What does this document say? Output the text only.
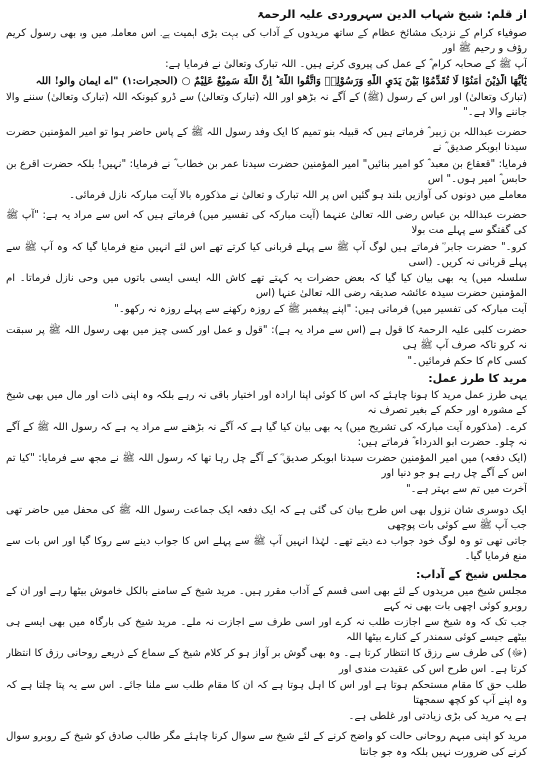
از قلم: شیخ شہاب الدین سہروردی علیہ الرحمۃ
صوفیاء کرام کے نزدیک مشائخ عظام کے ساتھ مریدوں کے آداب کی بہت بڑی اہمیت ہے۔ اس معاملہ میں وہ بھی رسول کریم رؤف و رحیم ﷺ اور
آپ ﷺ کے صحابہ کرام ؓ کے عمل کی پیروی کرتے ہیں۔ اللہ تبارک وتعالیٰ نے فرمایا ہے:
يٰٓاَيُّهَا الَّذِيْنَ اٰمَنُوْا لَا تُقَدِّمُوْا بَيْنَ يَدَيِ اللّٰهِ وَرَسُوْلِهٖ وَاتَّقُوا اللّٰهَ ؕ اِنَّ اللّٰهَ سَمِيْعٌ عَلِيْمٌ ○ (الحجرات:۱) "اے ایمان والو! اللہ
(تبارک وتعالیٰ) اور اس کے رسول (ﷺ) کے آگے نہ بڑھو اور اللہ (تبارک وتعالیٰ) سے ڈرو کیونکہ اللہ (تبارک وتعالیٰ) سننے والا جاننے والا ہے۔"
حضرت عبداللہ بن زبیر ؓ فرماتے ہیں کہ قبیلہ بنو تمیم کا ایک وفد رسول اللہ ﷺ کے پاس حاضر ہوا تو امیر المؤمنین حضرت سیدنا ابوبکر صدیق ؓ نے
فرمایا: "قعقاع بن معبد ؓ کو امیر بنائیں" امیر المؤمنین حضرت سیدنا عمر بن خطاب ؓ نے فرمایا: "نہیں! بلکہ حضرت اقرع بن حابس ؓ امیر ہوں۔" اس
معاملے میں دونوں کی آوازیں بلند ہو گئیں اس پر اللہ تبارک و تعالیٰ نے مذکورہ بالا آیت مبارکہ نازل فرمائی۔
حضرت عبداللہ بن عباس رضی اللہ تعالیٰ عنہما (آیت مبارکہ کی تفسیر میں) فرماتے ہیں کہ اس سے مراد یہ ہے: "آپ ﷺ کی گفتگو سے پہلے مت بولا
کرو۔" حضرت جابر ؓ فرماتے ہیں لوگ آپ ﷺ سے پہلے قربانی کیا کرتے تھے اس لئے انہیں منع فرمایا گیا کہ وہ آپ ﷺ سے پہلے قربانی نہ کریں۔ (اسی
سلسلہ میں) یہ بھی بیان کیا گیا کہ بعض حضرات یہ کہتے تھے کاش اللہ ایسی ایسی باتوں میں وحی نازل فرماتا۔ ام المؤمنین حضرت سیدہ عائشہ صدیقہ رضی اللہ تعالیٰ عنہا (اس
آیت مبارکہ کی تفسیر میں) فرماتی ہیں: "اپنے پیغمبر ﷺ کے روزہ رکھنے سے پہلے روزہ نہ رکھو۔"
حضرت کلبی علیہ الرحمۃ کا قول ہے (اس سے مراد یہ ہے): "قول و عمل اور کسی چیز میں بھی رسول اللہ ﷺ پر سبقت نہ کرو تاکہ صرف آپ ﷺ ہی
کسی کام کا حکم فرمائیں۔"
مرید کا طرز عمل:
یہی طرز عمل مرید کا ہونا چاہئے کہ اس کا کوئی اپنا ارادہ اور اختیار باقی نہ رہے بلکہ وہ اپنی ذات اور مال میں بھی شیخ کے مشورہ اور حکم کے بغیر تصرف نہ
کرے۔ (مذکورہ آیت مبارکہ کی تشریح میں) یہ بھی بیان کیا گیا ہے کہ آگے نہ بڑھنے سے مراد یہ ہے کہ رسول اللہ ﷺ کے آگے نہ چلو۔ حضرت ابو الدرداء ؓ فرماتے ہیں:
(ایک دفعہ) میں امیر المؤمنین حضرت سیدنا ابوبکر صدیق ؓ کے آگے چل رہا تھا کہ رسول اللہ ﷺ نے مجھ سے فرمایا: "کیا تم اس کے آگے چل رہے ہو جو دنیا اور
آخرت میں تم سے بہتر ہے۔"
ایک دوسری شان نزول بھی اس طرح بیان کی گئی ہے کہ ایک دفعہ ایک جماعت رسول اللہ ﷺ کی محفل میں حاضر تھی جب آپ ﷺ سے کوئی بات پوچھی
جاتی تھی تو وہ لوگ خود جواب دے دیتے تھے۔ لہٰذا انہیں آپ ﷺ سے پہلے اس کا جواب دینے سے روکا گیا اور اس بات سے منع فرمایا گیا۔
مجلس شیخ کے آداب:
مجلس شیخ میں مریدوں کے لئے بھی اسی قسم کے آداب مقرر ہیں۔ مرید شیخ کے سامنے بالکل خاموش بیٹھا رہے اور ان کے روبرو کوئی اچھی بات بھی نہ کہے
جب تک کہ وہ شیخ سے اجازت طلب نہ کرے اور اسی طرف سے اجازت نہ ملے۔ مرید شیخ کی بارگاہ میں بھی ایسے ہی بیٹھے جیسے کوئی سمندر کے کنارے بیٹھا اللہ
(ﷻ) کی طرف سے رزق کا انتظار کرتا ہے۔ وہ بھی گوش بر آواز ہو کر کلام شیخ کے سماع کے ذریعے روحانی رزق کا انتظار کرتا ہے۔ اس طرح اس کی عقیدت مندی اور
طلب حق کا مقام مستحکم ہوتا ہے اور اس کا اہل ہوتا ہے کہ ان کا مقام طلب سے ملنا جائے۔ اس سے یہ پتا چلتا ہے کہ وہ اپنے آپ کو کچھ سمجھتا
ہے یہ مرید کی بڑی زیادتی اور غلطی ہے۔
مرید کو اپنی مبہم روحانی حالت کو واضح کرنے کے لئے شیخ سے سوال کرنا چاہئے مگر طالب صادق کو شیخ کے روبرو سوال کرنے کی ضرورت نہیں بلکہ وہ جو جانتا
